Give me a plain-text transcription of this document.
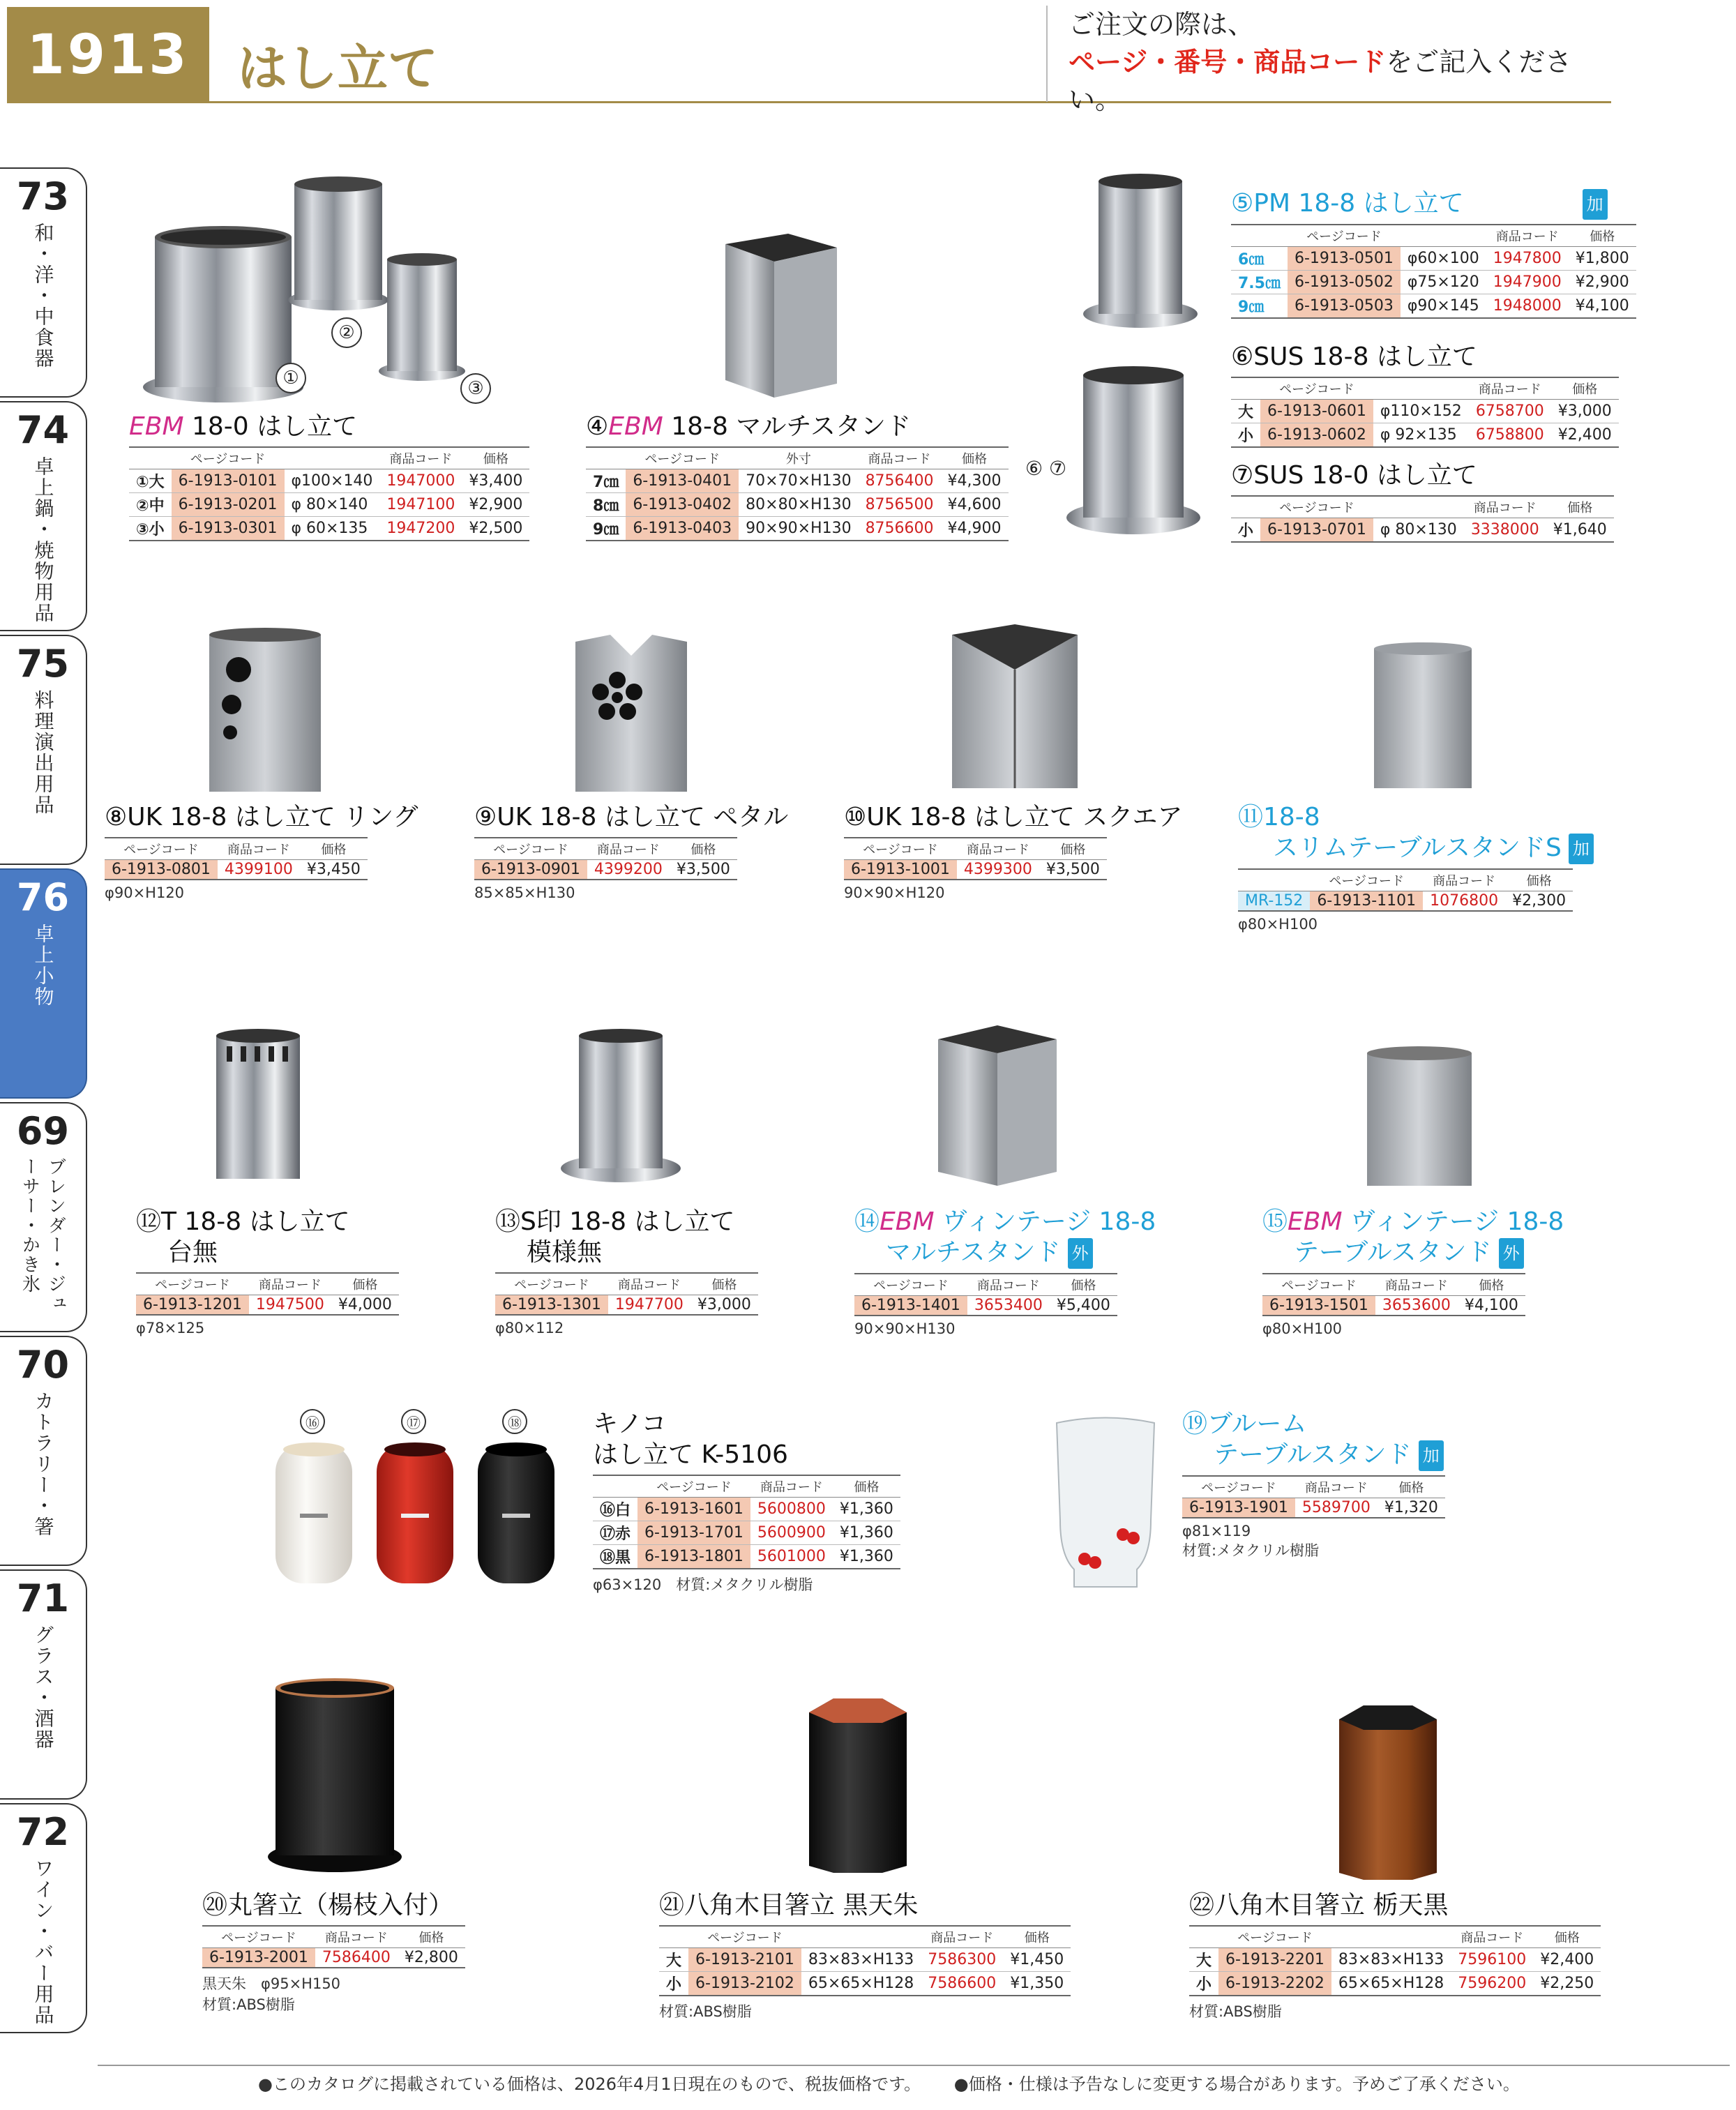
1913 はし立て
ご注文の際は、
ページ・番号・商品コードをご記入ください。
73
和・洋・中食器
74
卓上鍋・焼物用品
75
料理演出用品
76
卓上小物
69
ブレンダー・ジューサー・かき氷
70
カトラリー・箸
71
グラス・酒器
72
ワイン・バー用品
①
②
③
EBM 18-0 はし立て
	ページコード		商品コード	価格
①大	6-1913-0101	φ100×140	1947000	¥3,400
②中	6-1913-0201	φ 80×140	1947100	¥2,900
③小	6-1913-0301	φ 60×135	1947200	¥2,500
④EBM 18-8 マルチスタンド
	ページコード	外寸	商品コード	価格
7㎝	6-1913-0401	70×70×H130	8756400	¥4,300
8㎝	6-1913-0402	80×80×H130	8756500	¥4,600
9㎝	6-1913-0403	90×90×H130	8756600	¥4,900
⑥ ⑦
⑤PM 18-8 はし立て	加
	ページコード		商品コード	価格
6㎝	6-1913-0501	φ60×100	1947800	¥1,800
7.5㎝	6-1913-0502	φ75×120	1947900	¥2,900
9㎝	6-1913-0503	φ90×145	1948000	¥4,100
⑥SUS 18-8 はし立て
	ページコード		商品コード	価格
大	6-1913-0601	φ110×152	6758700	¥3,000
小	6-1913-0602	φ 92×135	6758800	¥2,400
⑦SUS 18-0 はし立て
	ページコード		商品コード	価格
小	6-1913-0701	φ 80×130	3338000	¥1,640
⑧UK 18-8 はし立て リング
ページコード	商品コード	価格
6-1913-0801	4399100	¥3,450
φ90×H120
⑨UK 18-8 はし立て ペタル
ページコード	商品コード	価格
6-1913-0901	4399200	¥3,500
85×85×H130
⑩UK 18-8 はし立て スクエア
ページコード	商品コード	価格
6-1913-1001	4399300	¥3,500
90×90×H120
⑪18-8
スリムテーブルスタンドS 加
	ページコード	商品コード	価格
MR-152	6-1913-1101	1076800	¥2,300
φ80×H100
⑫T 18-8 はし立て
台無
ページコード	商品コード	価格
6-1913-1201	1947500	¥4,000
φ78×125
⑬S印 18-8 はし立て
模様無
ページコード	商品コード	価格
6-1913-1301	1947700	¥3,000
φ80×112
⑭EBM ヴィンテージ 18-8
マルチスタンド 外
ページコード	商品コード	価格
6-1913-1401	3653400	¥5,400
90×90×H130
⑮EBM ヴィンテージ 18-8
テーブルスタンド 外
ページコード	商品コード	価格
6-1913-1501	3653600	¥4,100
φ80×H100
⑯	⑰	⑱	キノコ
はし立て K-5106
	ページコード	商品コード	価格
⑯白	6-1913-1601	5600800	¥1,360
⑰赤	6-1913-1701	5600900	¥1,360
⑱黒	6-1913-1801	5601000	¥1,360
φ63×120　 材質:メタクリル樹脂
⑲ブルーム
テーブルスタンド 加
ページコード	商品コード	価格
6-1913-1901	5589700	¥1,320
φ81×119
材質:メタクリル樹脂
⑳丸箸立（楊枝入付）
ページコード	商品コード	価格
6-1913-2001	7586400	¥2,800
黒天朱　φ95×H150
材質:ABS樹脂
㉑八角木目箸立 黒天朱
	ページコード		商品コード	価格
大	6-1913-2101	83×83×H133	7586300	¥1,450
小	6-1913-2102	65×65×H128	7586600	¥1,350
材質:ABS樹脂
㉒八角木目箸立 栃天黒
	ページコード		商品コード	価格
大	6-1913-2201	83×83×H133	7596100	¥2,400
小	6-1913-2202	65×65×H128	7596200	¥2,250
材質:ABS樹脂
●このカタログに掲載されている価格は、2026年4月1日現在のもので、税抜価格です。 ●価格・仕様は予告なしに変更する場合があります。予めご了承ください。
